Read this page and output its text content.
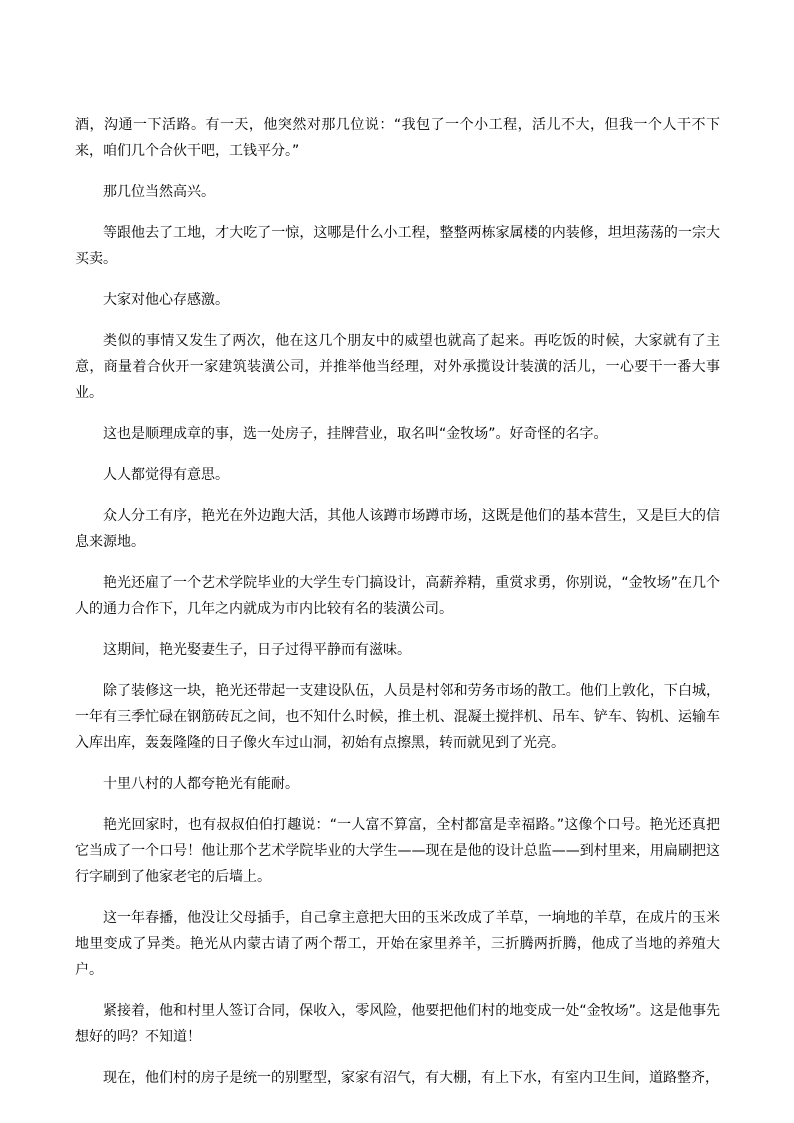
酒，沟通一下活路。有一天，他突然对那几位说：“我包了一个小工程，活儿不大，但我一个人干不下来，咱们几个合伙干吧，工钱平分。”

那几位当然高兴。

等跟他去了工地，才大吃了一惊，这哪是什么小工程，整整两栋家属楼的内装修，坦坦荡荡的一宗大买卖。

大家对他心存感激。

类似的事情又发生了两次，他在这几个朋友中的威望也就高了起来。再吃饭的时候，大家就有了主意，商量着合伙开一家建筑装潢公司，并推举他当经理，对外承揽设计装潢的活儿，一心要干一番大事业。

这也是顺理成章的事，选一处房子，挂牌营业，取名叫“金牧场”。好奇怪的名字。

人人都觉得有意思。

众人分工有序，艳光在外边跑大活，其他人该蹲市场蹲市场，这既是他们的基本营生，又是巨大的信息来源地。

艳光还雇了一个艺术学院毕业的大学生专门搞设计，高薪养精，重赏求勇，你别说，“金牧场”在几个人的通力合作下，几年之内就成为市内比较有名的装潢公司。

这期间，艳光娶妻生子，日子过得平静而有滋味。

除了装修这一块，艳光还带起一支建设队伍，人员是村邻和劳务市场的散工。他们上敦化，下白城，一年有三季忙碌在钢筋砖瓦之间，也不知什么时候，推土机、混凝土搅拌机、吊车、铲车、钩机、运输车入库出库，轰轰隆隆的日子像火车过山洞，初始有点擦黑，转而就见到了光亮。

十里八村的人都夸艳光有能耐。

艳光回家时，也有叔叔伯伯打趣说：“一人富不算富，全村都富是幸福路。”这像个口号。艳光还真把它当成了一个口号！他让那个艺术学院毕业的大学生——现在是他的设计总监——到村里来，用扁刷把这行字刷到了他家老宅的后墙上。

这一年春播，他没让父母插手，自己拿主意把大田的玉米改成了羊草，一垧地的羊草，在成片的玉米地里变成了异类。艳光从内蒙古请了两个帮工，开始在家里养羊，三折腾两折腾，他成了当地的养殖大户。

紧接着，他和村里人签订合同，保收入，零风险，他要把他们村的地变成一处“金牧场”。这是他事先想好的吗？不知道！

现在，他们村的房子是统一的别墅型，家家有沼气，有大棚，有上下水，有室内卫生间，道路整齐，
